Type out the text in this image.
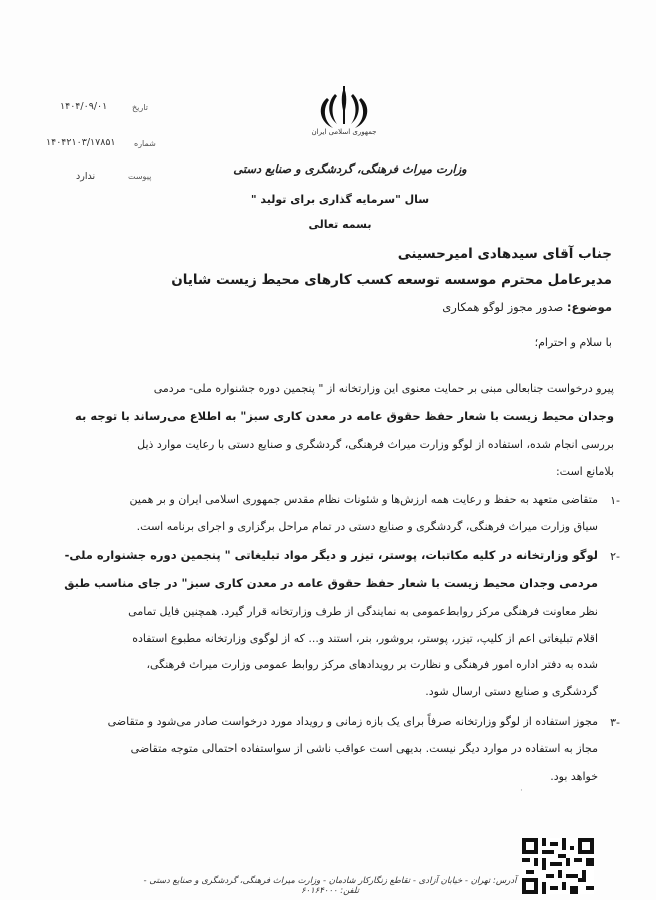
جمهوری اسلامی ایران
وزارت میراث فرهنگی، گردشگری و صنایع دستی
سال "سرمایه گذاری برای تولید "
بسمه تعالی
۱۴۰۴/۰۹/۰۱	تاریخ
۱۴۰۴۲۱۰۳/۱۷۸۵۱ شماره
ندارد	پیوست
جناب آقای سیدهادی امیرحسینی
مدیرعامل محترم موسسه توسعه کسب کارهای محیط زیست شایان
موضوع: صدور مجوز لوگو همکاری
با سلام و احترام؛
پیرو درخواست جنابعالی مبنی بر حمایت معنوی این وزارتخانه از " پنجمین دوره جشنواره ملی- مردمی
وجدان محیط زیست با شعار حفظ حقوق عامه در معدن کاری سبز" به اطلاع می‌رساند با توجه به
بررسی انجام شده، استفاده از لوگو وزارت میراث فرهنگی، گردشگری و صنایع دستی با رعایت موارد ذیل
بلامانع است:
۱-
متقاضی متعهد به حفظ و رعایت همه ارزش‌ها و شئونات نظام مقدس جمهوری اسلامی ایران و بر همین
سیاق وزارت میراث فرهنگی، گردشگری و صنایع دستی در تمام مراحل برگزاری و اجرای برنامه است.
۲-
لوگو وزارتخانه در کلیه مکاتبات، پوستر، تیزر و دیگر مواد تبلیغاتی " پنجمین دوره جشنواره ملی-
مردمی وجدان محیط زیست با شعار حفظ حقوق عامه در معدن کاری سبز" در جای مناسب طبق
نظر معاونت فرهنگی مرکز روابط‌عمومی به نمایندگی از طرف وزارتخانه قرار گیرد. همچنین فایل تمامی
اقلام تبلیغاتی اعم از کلیپ، تیزر، پوستر، بروشور، بنر، استند و... که از لوگوی وزارتخانه مطبوع استفاده
شده به دفتر اداره امور فرهنگی و نظارت بر رویدادهای مرکز روابط عمومی وزارت میراث فرهنگی،
گردشگری و صنایع دستی ارسال شود.
۳-
مجوز استفاده از لوگو وزارتخانه صرفاً برای یک بازه زمانی و رویداد مورد درخواست صادر می‌شود و متقاضی
مجاز به استفاده در موارد دیگر نیست. بدیهی است عواقب ناشی از سواستفاده احتمالی متوجه متقاضی
خواهد بود.
·
آدرس: تهران - خیابان آزادی - تقاطع زنگارکار شادمان - وزارت میراث فرهنگی، گردشگری و صنایع دستی - تلفن: ۶۰۱۶۴۰۰۰
